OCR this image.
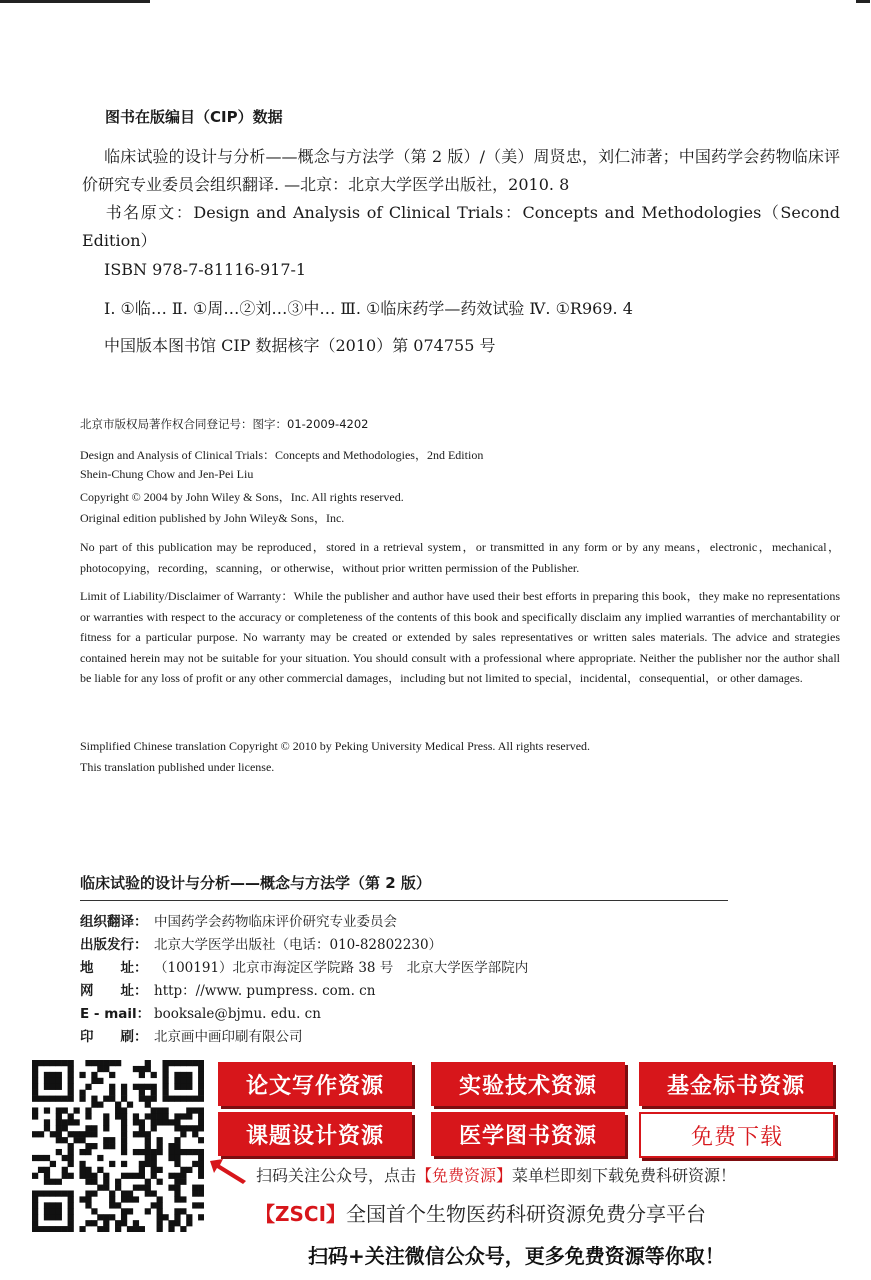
图书在版编目（CIP）数据
临床试验的设计与分析——概念与方法学（第 2 版）/（美）周贤忠，刘仁沛著；中国药学会药物临床评价研究专业委员会组织翻译. —北京：北京大学医学出版社，2010. 8
书名原文：Design and Analysis of Clinical Trials：Concepts and Methodologies（Second Edition）
ISBN 978-7-81116-917-1
Ⅰ. ①临… Ⅱ. ①周…②刘…③中… Ⅲ. ①临床药学—药效试验 Ⅳ. ①R969. 4
中国版本图书馆 CIP 数据核字（2010）第 074755 号
北京市版权局著作权合同登记号：图字：01-2009-4202
Design and Analysis of Clinical Trials：Concepts and Methodologies，2nd Edition
Shein-Chung Chow and Jen-Pei Liu
Copyright © 2004 by John Wiley & Sons，Inc. All rights reserved.
Original edition published by John Wiley& Sons，Inc.
No part of this publication may be reproduced，stored in a retrieval system，or transmitted in any form or by any means，electronic，mechanical，photocopying，recording，scanning，or otherwise，without prior written permission of the Publisher.
Limit of Liability/Disclaimer of Warranty：While the publisher and author have used their best efforts in preparing this book，they make no representations or warranties with respect to the accuracy or completeness of the contents of this book and specifically disclaim any implied warranties of merchantability or fitness for a particular purpose. No warranty may be created or extended by sales representatives or written sales materials. The advice and strategies contained herein may not be suitable for your situation. You should consult with a professional where appropriate. Neither the publisher nor the author shall be liable for any loss of profit or any other commercial damages，including but not limited to special，incidental，consequential，or other damages.
Simplified Chinese translation Copyright © 2010 by Peking University Medical Press. All rights reserved.
This translation published under license.
临床试验的设计与分析——概念与方法学（第 2 版）
组织翻译： 中国药学会药物临床评价研究专业委员会
出版发行： 北京大学医学出版社（电话：010-82802230）
地　　址： （100191）北京市海淀区学院路 38 号　北京大学医学部院内
网　　址： http：//www. pumpress. com. cn
E - mail： booksale@bjmu. edu. cn
印　　刷： 北京画中画印刷有限公司
论文写作资源	实验技术资源	基金标书资源
课题设计资源	医学图书资源	免费下载
扫码关注公众号，点击【免费资源】菜单栏即刻下载免费科研资源！
【ZSCI】全国首个生物医药科研资源免费分享平台
扫码+关注微信公众号，更多免费资源等你取！
